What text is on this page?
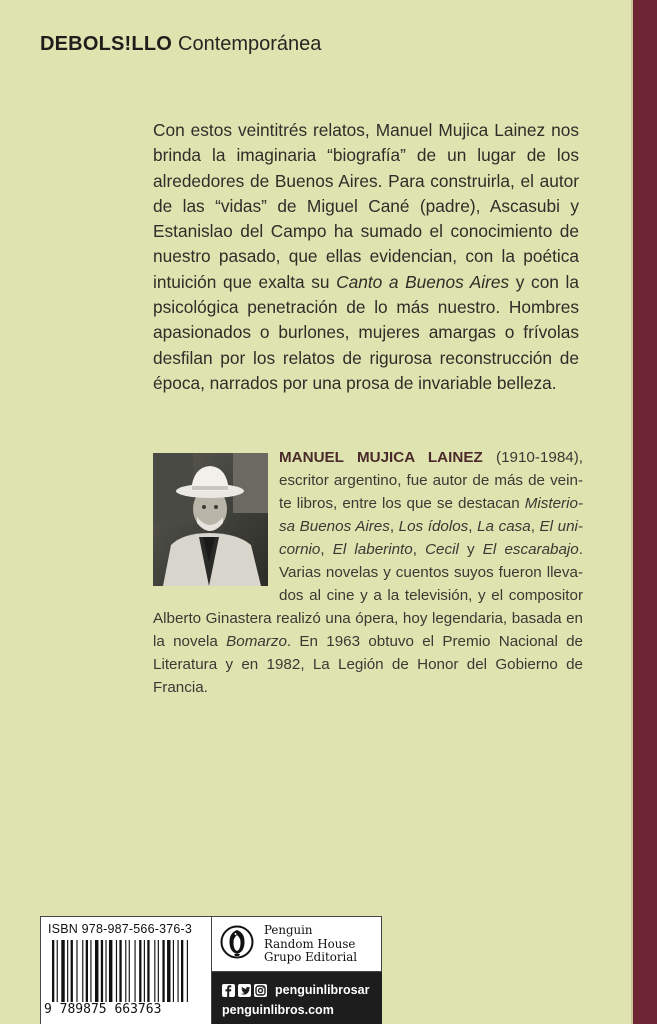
DEBOLS!LLO Contemporánea

Con estos veintitrés relatos, Manuel Mujica Lainez nos brinda la imaginaria “biografía” de un lugar de los alrededores de Buenos Aires. Para construirla, el autor de las “vidas” de Miguel Cané (padre), Ascasubi y Estanislao del Campo ha sumado el conocimiento de nuestro pasado, que ellas evidencian, con la poética intuición que exalta su Canto a Buenos Aires y con la psicológica penetración de lo más nuestro. Hombres apasionados o burlones, mujeres amargas o frívolas desfilan por los relatos de rigurosa reconstrucción de época, narrados por una prosa de invariable belleza.

MANUEL MUJICA LAINEZ (1910-1984), escritor argentino, fue autor de más de veinte libros, entre los que se destacan Misteriosa Buenos Aires, Los ídolos, La casa, El unicornio, El laberinto, Cecil y El escarabajo. Varias novelas y cuentos suyos fueron llevados al cine y a la televisión, y el compositor Alberto Ginastera realizó una ópera, hoy legendaria, basada en la novela Bomarzo. En 1963 obtuvo el Premio Nacional de Literatura y en 1982, La Legión de Honor del Gobierno de Francia.

ISBN 978-987-566-376-3
9 789875 663763
Penguin
Random House
Grupo Editorial
penguinlibrosar
penguinlibros.com
